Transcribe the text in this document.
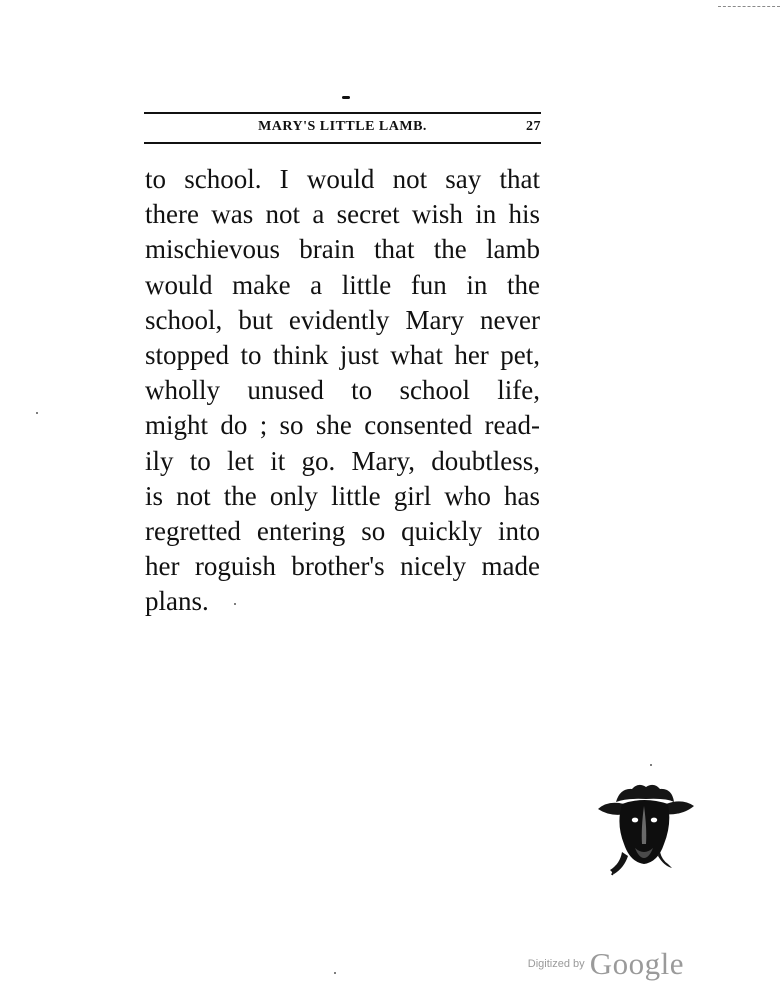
MARY'S LITTLE LAMB.	27
to school. I would not say that
there was not a secret wish in his
mischievous brain that the lamb
would make a little fun in the
school, but evidently Mary never
stopped to think just what her pet,
wholly unused to school life,
might do ; so she consented read-
ily to let it go. Mary, doubtless,
is not the only little girl who has
regretted entering so quickly into
her roguish brother's nicely made
plans.
Digitized by Google
